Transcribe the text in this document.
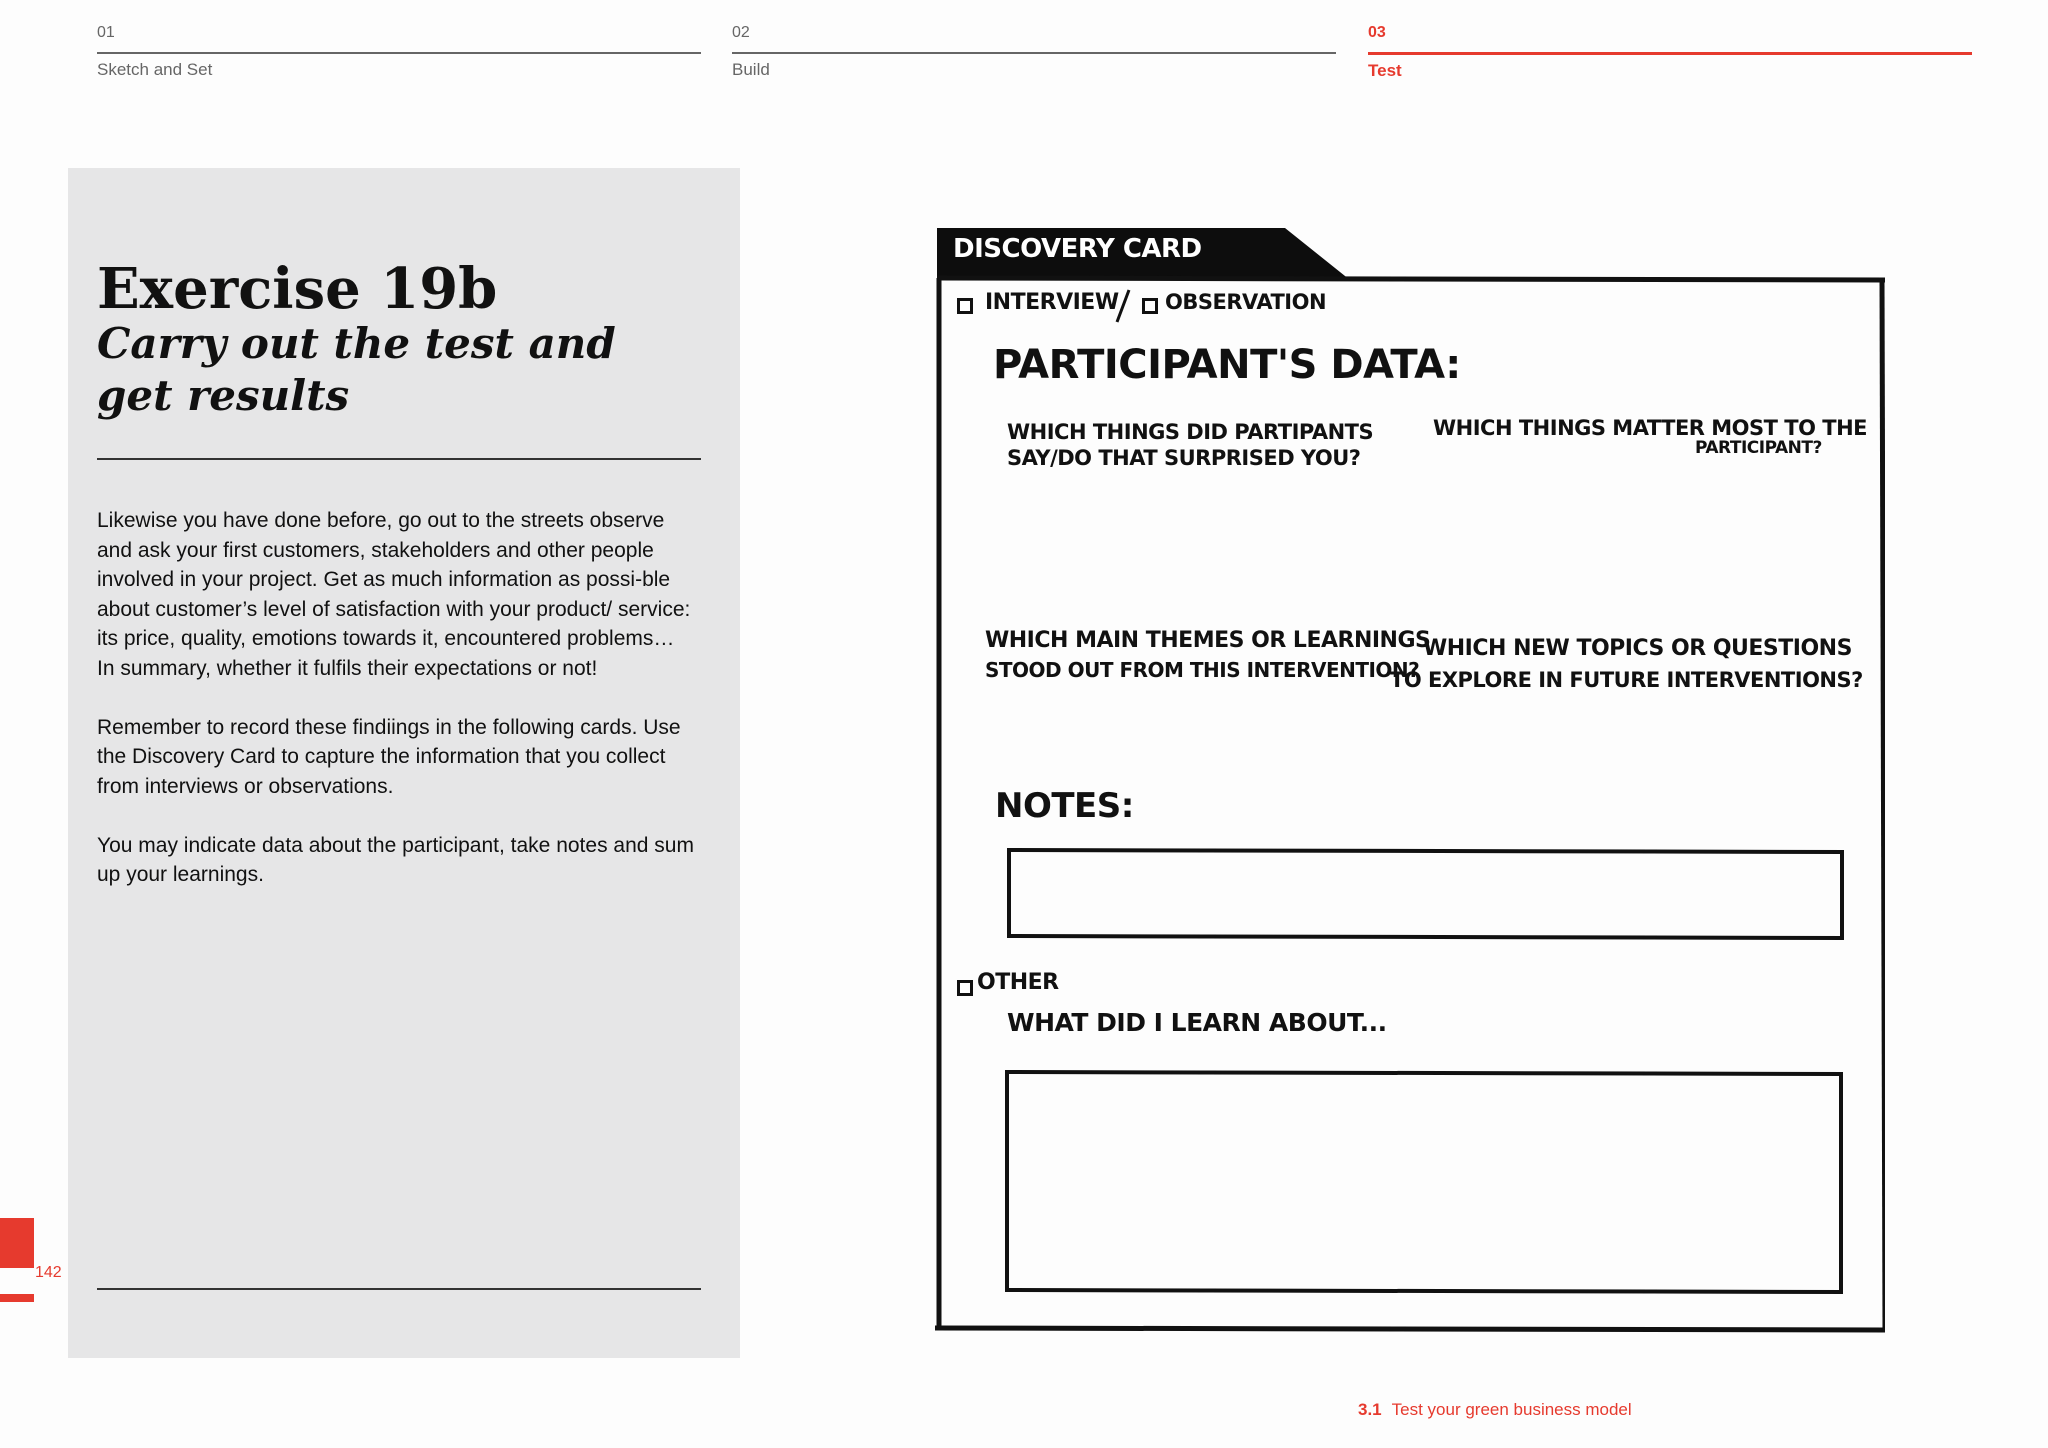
01
Sketch and Set
02
Build
03
Test
Exercise 19b
Carry out the test and get results

Likewise you have done before, go out to the streets observe and ask your first customers, stakeholders and other people involved in your project. Get as much information as possi-ble about customer’s level of satisfaction with your product/ service: its price, quality, emotions towards it, encountered problems… In summary, whether it fulfils their expectations or not!

Remember to record these findiings in the following cards. Use the Discovery Card to capture the information that you collect from interviews or observations.

You may indicate data about the participant, take notes and sum up your learnings.

142
DISCOVERY CARD
INTERVIEW OBSERVATION
PARTICIPANT'S DATA:
WHICH THINGS DID PARTIPANTS
SAY/DO THAT SURPRISED YOU?
WHICH THINGS MATTER MOST TO THE
PARTICIPANT?
WHICH MAIN THEMES OR LEARNINGS
STOOD OUT FROM THIS INTERVENTION?
WHICH NEW TOPICS OR QUESTIONS
TO EXPLORE IN FUTURE INTERVENTIONS?
NOTES:
OTHER
WHAT DID I LEARN ABOUT...
3.1 Test your green business model
